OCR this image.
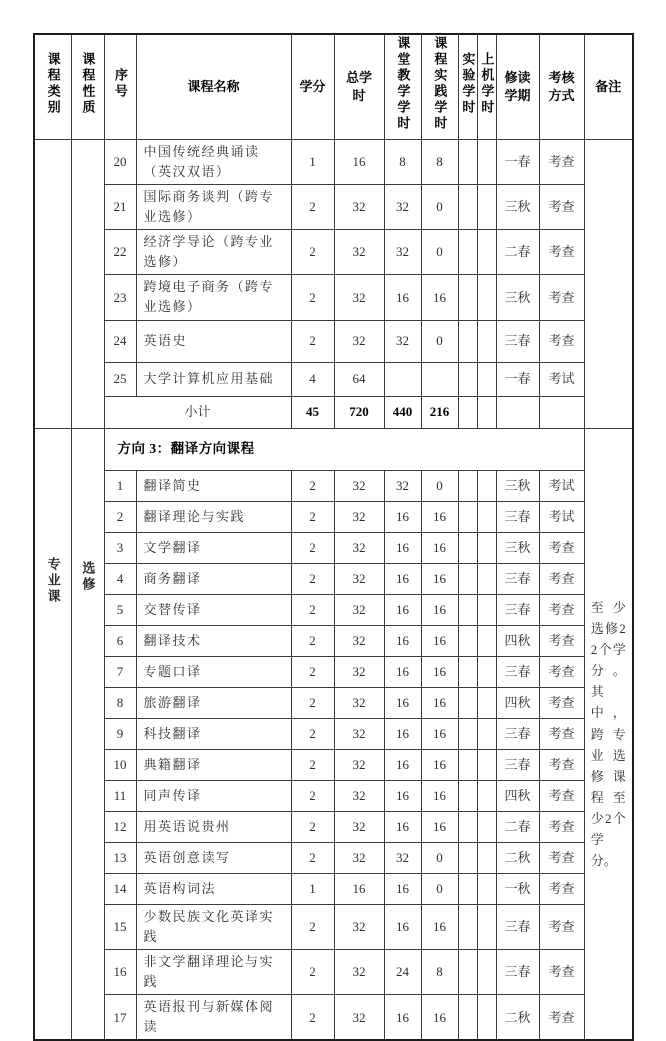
课程类别	课程性质	序号	课程名称	学分	总学时	课堂教学学时	课程实践学时	实验学时	上机学时	修读学期	考核方式	备注
		20	中国传统经典诵读（英汉双语）	1	16	8	8			一春	考查	
		21	国际商务谈判（跨专业选修）	2	32	32	0			三秋	考查	
		22	经济学导论（跨专业选修）	2	32	32	0			二春	考查	
		23	跨境电子商务（跨专业选修）	2	32	16	16			三秋	考查	
		24	英语史	2	32	32	0			三春	考查	
		25	大学计算机应用基础	4	64					一春	考试	
		小计		45	720	440	216					
专业课	选修	方向 3：翻译方向课程										至少选修22个学分。其中，跨专业选修课程至少2个学分。

		1	翻译简史	2	32	32	0			三秋	考试	
		2	翻译理论与实践	2	32	16	16			三春	考试	
		3	文学翻译	2	32	16	16			三秋	考查	
		4	商务翻译	2	32	16	16			三春	考查	
		5	交替传译	2	32	16	16			三春	考查	
		6	翻译技术	2	32	16	16			四秋	考查	
		7	专题口译	2	32	16	16			三春	考查	
		8	旅游翻译	2	32	16	16			四秋	考查	
		9	科技翻译	2	32	16	16			三春	考查	
		10	典籍翻译	2	32	16	16			三春	考查	
		11	同声传译	2	32	16	16			四秋	考查	
		12	用英语说贵州	2	32	16	16			二春	考查	
		13	英语创意读写	2	32	32	0			二秋	考查	
		14	英语构词法	1	16	16	0			一秋	考查	
		15	少数民族文化英译实践	2	32	16	16			三春	考查	
		16	非文学翻译理论与实践	2	32	24	8			三春	考查	
		17	英语报刊与新媒体阅读	2	32	16	16			二秋	考查	
